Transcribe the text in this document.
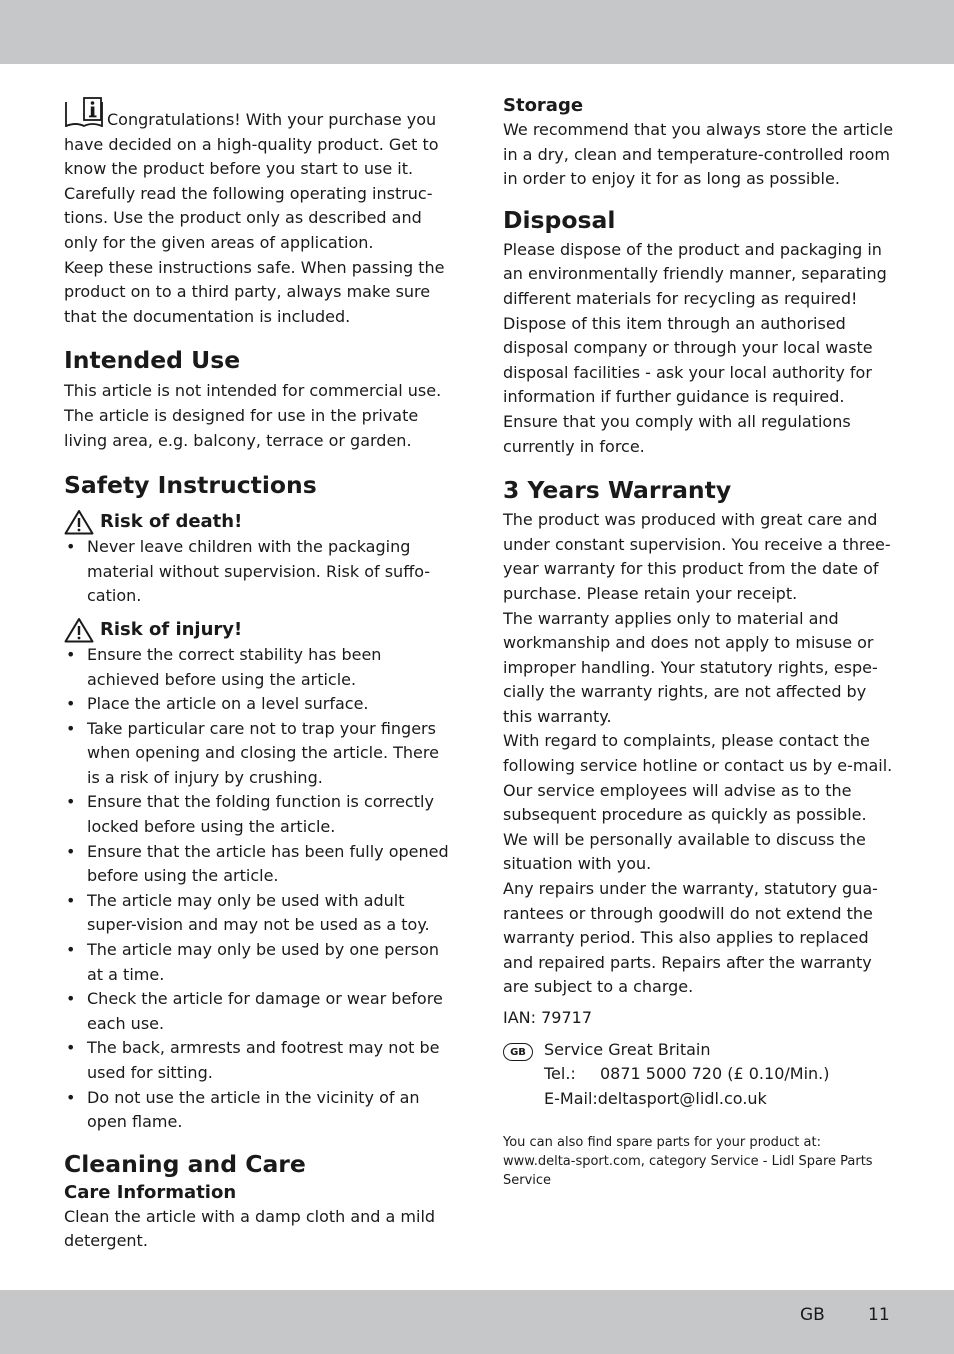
Congratulations! With your purchase you have decided on a high-quality product. Get to know the product before you start to use it. Carefully read the following operating instruc-tions. Use the product only as described and only for the given areas of application.

Keep these instructions safe. When passing the product on to a third party, always make sure that the documentation is included.

Intended Use

This article is not intended for commercial use. The article is designed for use in the private living area, e.g. balcony, terrace or garden.

Safety Instructions
Risk of death!
• Never leave children with the packaging material without supervision. Risk of suffo-cation.
Risk of injury!
• Ensure the correct stability has been achieved before using the article.
• Place the article on a level surface.
• Take particular care not to trap your fingers when opening and closing the article. There is a risk of injury by crushing.
• Ensure that the folding function is correctly locked before using the article.
• Ensure that the article has been fully opened before using the article.
• The article may only be used with adult super-vision and may not be used as a toy.
• The article may only be used by one person at a time.
• Check the article for damage or wear before each use.
• The back, armrests and footrest may not be used for sitting.
• Do not use the article in the vicinity of an open flame.
Cleaning and Care
Care Information

Clean the article with a damp cloth and a mild detergent.

Storage

We recommend that you always store the article in a dry, clean and temperature-controlled room in order to enjoy it for as long as possible.

Disposal

Please dispose of the product and packaging in an environmentally friendly manner, separating different materials for recycling as required! Dispose of this item through an authorised disposal company or through your local waste disposal facilities - ask your local authority for information if further guidance is required. Ensure that you comply with all regulations currently in force.

3 Years Warranty

The product was produced with great care and under constant supervision. You receive a three-year warranty for this product from the date of purchase. Please retain your receipt.

The warranty applies only to material and workmanship and does not apply to misuse or improper handling. Your statutory rights, espe-cially the warranty rights, are not affected by this warranty.

With regard to complaints, please contact the following service hotline or contact us by e-mail. Our service employees will advise as to the subsequent procedure as quickly as possible. We will be personally available to discuss the situation with you.

Any repairs under the warranty, statutory gua-rantees or through goodwill do not extend the warranty period. This also applies to replaced and repaired parts. Repairs after the warranty are subject to a charge.

IAN: 79717

GB	Service Great Britain
Tel.:	0871 5000 720 (£ 0.10/Min.)
E-Mail:deltasport@lidl.co.uk

You can also find spare parts for your product at:

www.delta-sport.com, category Service - Lidl Spare Parts Service

GB	11
